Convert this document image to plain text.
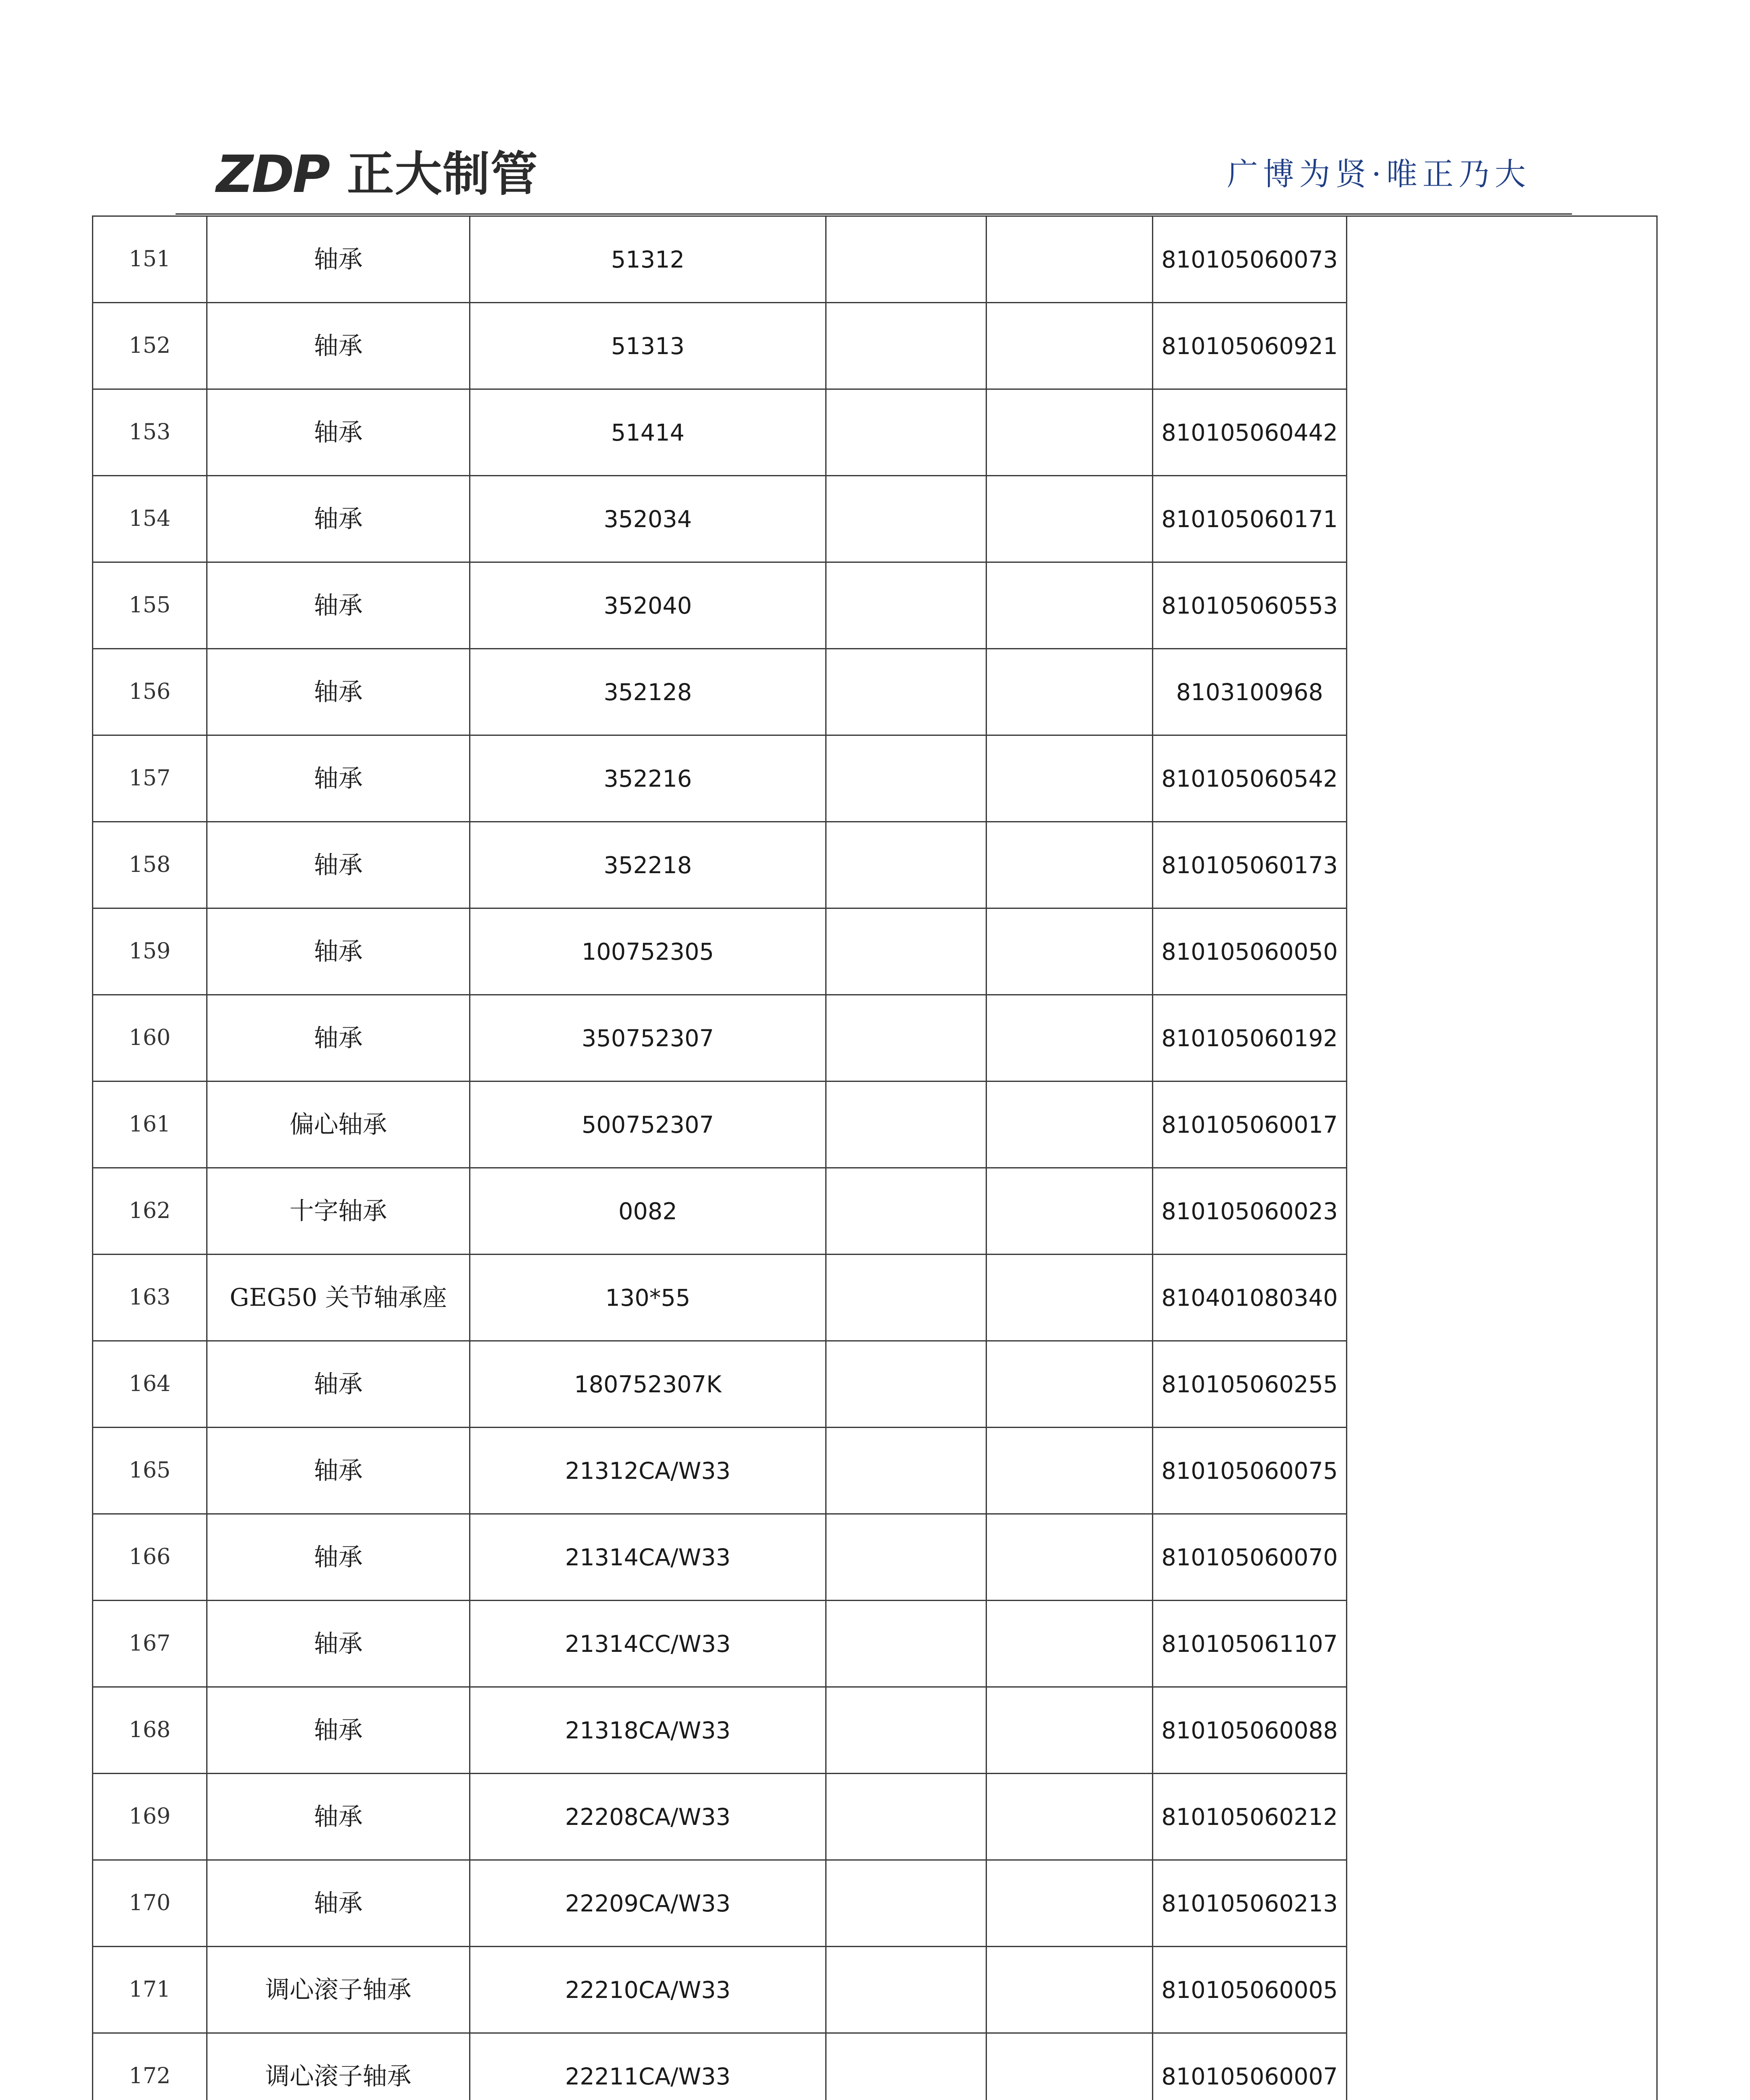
ZDP 正大制管	广博为贤·唯正乃大
151	轴承	51312			810105060073	
152	轴承	51313			810105060921	
153	轴承	51414			810105060442	
154	轴承	352034			810105060171	
155	轴承	352040			810105060553	
156	轴承	352128			8103100968	
157	轴承	352216			810105060542	
158	轴承	352218			810105060173	
159	轴承	100752305			810105060050	
160	轴承	350752307			810105060192	
161	偏心轴承	500752307			810105060017	
162	十字轴承	0082			810105060023	
163	GEG50 关节轴承座	130*55			810401080340	
164	轴承	180752307K			810105060255	
165	轴承	21312CA/W33			810105060075	
166	轴承	21314CA/W33			810105060070	
167	轴承	21314CC/W33			810105061107	
168	轴承	21318CA/W33			810105060088	
169	轴承	22208CA/W33			810105060212	
170	轴承	22209CA/W33			810105060213	
171	调心滚子轴承	22210CA/W33			810105060005	
172	调心滚子轴承	22211CA/W33			810105060007	
